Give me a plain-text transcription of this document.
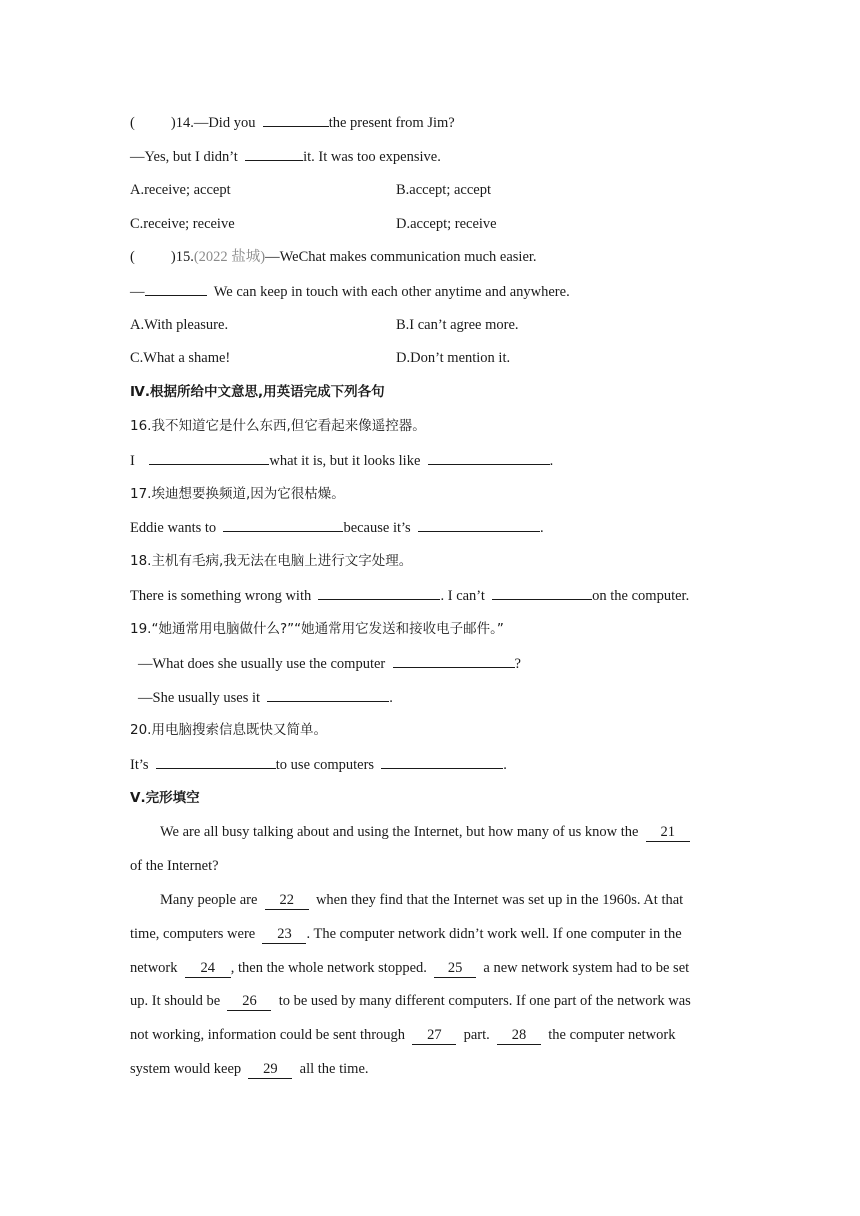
( )14.—Did you	the present from Jim?
—Yes, but I didn’t	it. It was too expensive.
A.receive; accept	B.accept; accept
C.receive; receive	D.accept; receive
( )15.(2022 盐城)—WeChat makes communication much easier.
—	We can keep in touch with each other anytime and anywhere.
A.With pleasure.	B.I can’t agree more.
C.What a shame!	D.Don’t mention it.
Ⅳ.根据所给中文意思,用英语完成下列各句
16.我不知道它是什么东西,但它看起来像遥控器。
I	what it is, but it looks like	.
17.埃迪想要换频道,因为它很枯燥。
Eddie wants to	because it’s	.
18.主机有毛病,我无法在电脑上进行文字处理。
There is something wrong with	. I can’t	on the computer.
19.“她通常用电脑做什么?”“她通常用它发送和接收电子邮件。”
—What does she usually use the computer	?
—She usually uses it	.
20.用电脑搜索信息既快又简单。
It’s	to use computers	.
Ⅴ.完形填空
We are all busy talking about and using the Internet, but how many of us know the 21
of the Internet?
Many people are 22 when they find that the Internet was set up in the 1960s. At that
time, computers were 23 . The computer network didn’t work well. If one computer in the
network 24 , then the whole network stopped. 25 a new network system had to be set
up. It should be 26 to be used by many different computers. If one part of the network was
not working, information could be sent through 27 part. 28 the computer network
system would keep 29 all the time.
